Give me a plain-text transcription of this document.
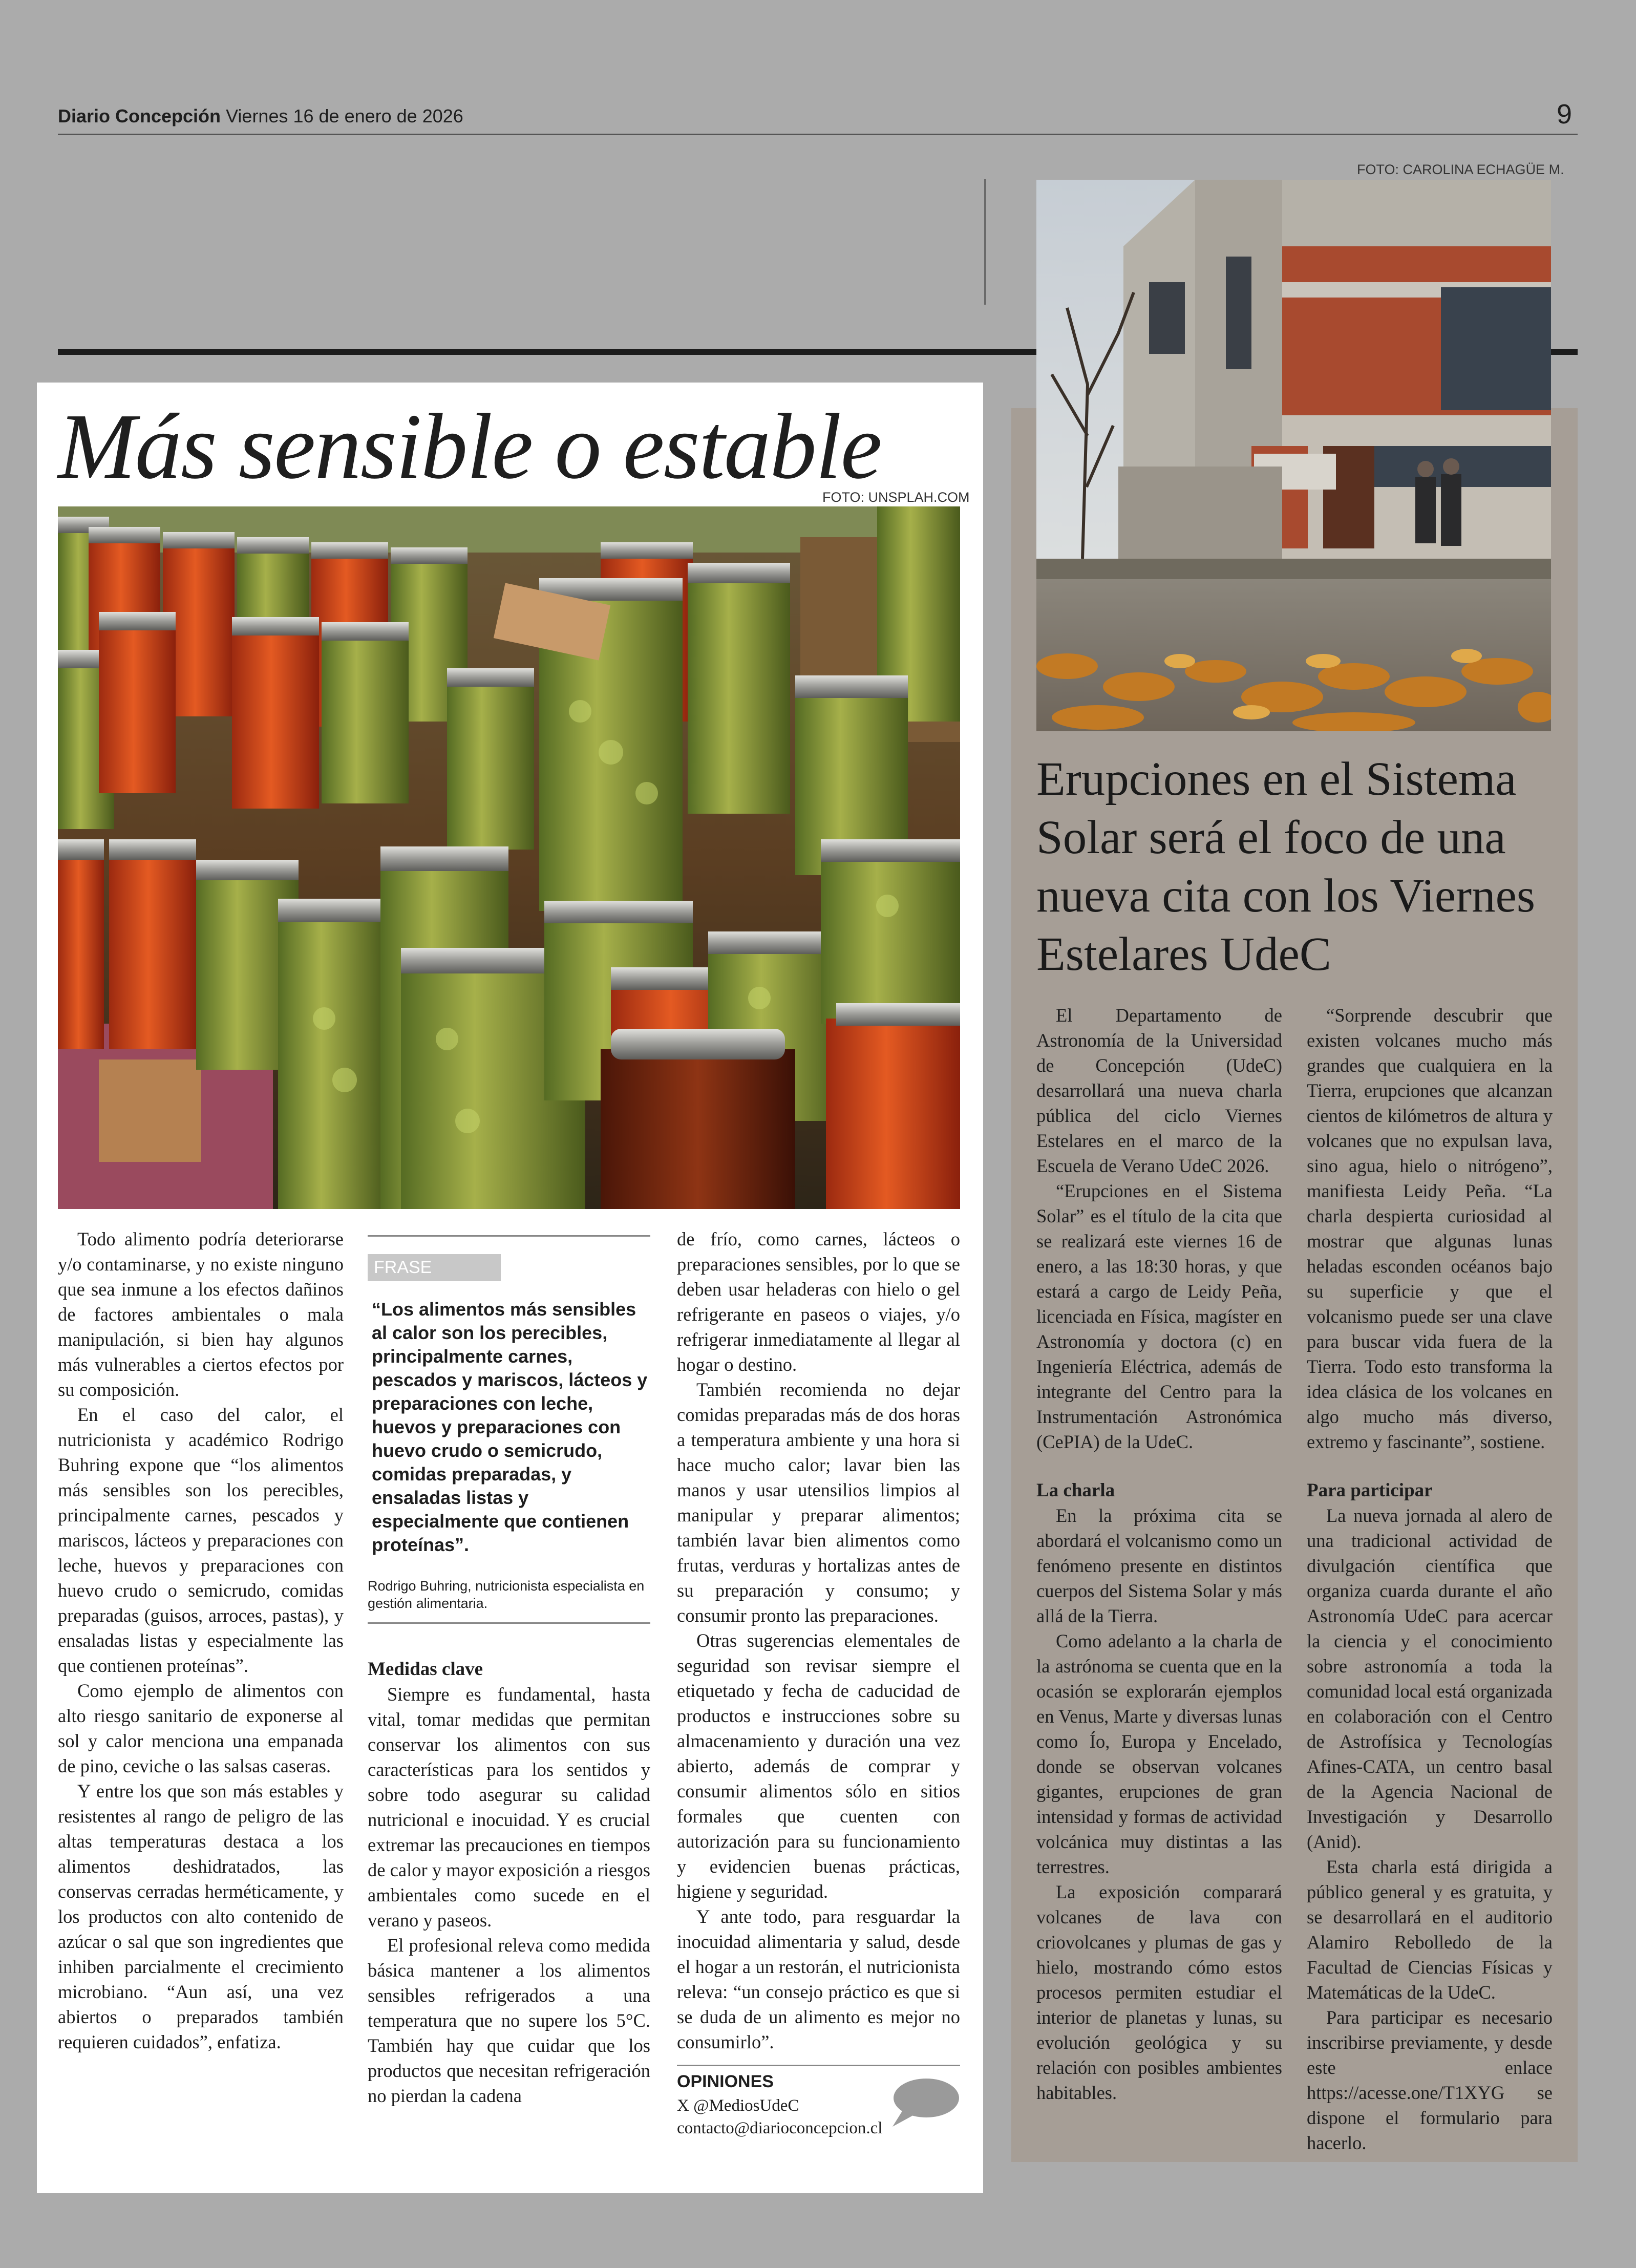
Diario Concepción Viernes 16 de enero de 2026	9
Más sensible o estable
FOTO: UNSPLAH.COM

Todo alimento podría deteriorarse y/o contaminarse, y no existe ninguno que sea inmune a los efectos dañinos de factores ambientales o mala manipulación, si bien hay algunos más vulnerables a ciertos efectos por su composición.

En el caso del calor, el nutricionista y académico Rodrigo Buhring expone que “los alimentos más sensibles son los perecibles, principalmente carnes, pescados y mariscos, lácteos y preparaciones con leche, huevos y preparaciones con huevo crudo o semicrudo, comidas preparadas (guisos, arroces, pastas), y ensaladas listas y especialmente las que contienen proteínas”.

Como ejemplo de alimentos con alto riesgo sanitario de exponerse al sol y calor menciona una empanada de pino, ceviche o las salsas caseras.

Y entre los que son más estables y resistentes al rango de peligro de las altas temperaturas destaca a los alimentos deshidratados, las conservas cerradas herméticamente, y los productos con alto contenido de azúcar o sal que son ingredientes que inhiben parcialmente el crecimiento microbiano. “Aun así, una vez abiertos o preparados también requieren cuidados”, enfatiza.

FRASE
“Los alimentos más sensibles al calor son los perecibles, principalmente carnes, pescados y mariscos, lácteos y preparaciones con leche, huevos y preparaciones con huevo crudo o semicrudo, comidas preparadas, y ensaladas listas y especialmente que contienen proteínas”.
Rodrigo Buhring, nutricionista especialista en gestión alimentaria.
Medidas clave

Siempre es fundamental, hasta vital, tomar medidas que permitan conservar los alimentos con sus características para los sentidos y sobre todo asegurar su calidad nutricional e inocuidad. Y es crucial extremar las precauciones en tiempos de calor y mayor exposición a riesgos ambientales como sucede en el verano y paseos.

El profesional releva como medida básica mantener a los alimentos sensibles refrigerados a una temperatura que no supere los 5°C. También hay que cuidar que los productos que necesitan refrigeración no pierdan la cadena

de frío, como carnes, lácteos o preparaciones sensibles, por lo que se deben usar heladeras con hielo o gel refrigerante en paseos o viajes, y/o refrigerar inmediatamente al llegar al hogar o destino.

También recomienda no dejar comidas preparadas más de dos horas a temperatura ambiente y una hora si hace mucho calor; lavar bien las manos y usar utensilios limpios al manipular y preparar alimentos; también lavar bien alimentos como frutas, verduras y hortalizas antes de su preparación y consumo; y consumir pronto las preparaciones.

Otras sugerencias elementales de seguridad son revisar siempre el etiquetado y fecha de caducidad de productos e instrucciones sobre su almacenamiento y duración una vez abierto, además de comprar y consumir alimentos sólo en sitios formales que cuenten con autorización para su funcionamiento y evidencien buenas prácticas, higiene y seguridad.

Y ante todo, para resguardar la inocuidad alimentaria y salud, desde el hogar a un restorán, el nutricionista releva: “un consejo práctico es que si se duda de un alimento es mejor no consumirlo”.

OPINIONES
X @MediosUdeC
contacto@diarioconcepcion.cl
FOTO: CAROLINA ECHAGÜE M.
Erupciones en el Sistema Solar será el foco de una nueva cita con los Viernes Estelares UdeC

El Departamento de Astronomía de la Universidad de Concepción (UdeC) desarrollará una nueva charla pública del ciclo Viernes Estelares en el marco de la Escuela de Verano UdeC 2026.

“Erupciones en el Sistema Solar” es el título de la cita que se realizará este viernes 16 de enero, a las 18:30 horas, y que estará a cargo de Leidy Peña, licenciada en Física, magíster en Astronomía y doctora (c) en Ingeniería Eléctrica, además de integrante del Centro para la Instrumentación Astronómica (CePIA) de la UdeC.

La charla

En la próxima cita se abordará el volcanismo como un fenómeno presente en distintos cuerpos del Sistema Solar y más allá de la Tierra.

Como adelanto a la charla de la astrónoma se cuenta que en la ocasión se explorarán ejemplos en Venus, Marte y diversas lunas como Ío, Europa y Encelado, donde se observan volcanes gigantes, erupciones de gran intensidad y formas de actividad volcánica muy distintas a las terrestres.

La exposición comparará volcanes de lava con criovolcanes y plumas de gas y hielo, mostrando cómo estos procesos permiten estudiar el interior de planetas y lunas, su evolución geológica y su relación con posibles ambientes habitables.

“Sorprende descubrir que existen volcanes mucho más grandes que cualquiera en la Tierra, erupciones que alcanzan cientos de kilómetros de altura y volcanes que no expulsan lava, sino agua, hielo o nitrógeno”, manifiesta Leidy Peña. “La charla despierta curiosidad al mostrar que algunas lunas heladas esconden océanos bajo su superficie y que el volcanismo puede ser una clave para buscar vida fuera de la Tierra. Todo esto transforma la idea clásica de los volcanes en algo mucho más diverso, extremo y fascinante”, sostiene.

Para participar

La nueva jornada al alero de una tradicional actividad de divulgación científica que organiza cuarda durante el año Astronomía UdeC para acercar la ciencia y el conocimiento sobre astronomía a toda la comunidad local está organizada en colaboración con el Centro de Astrofísica y Tecnologías Afines-CATA, un centro basal de la Agencia Nacional de Investigación y Desarrollo (Anid).

Esta charla está dirigida a público general y es gratuita, y se desarrollará en el auditorio Alamiro Rebolledo de la Facultad de Ciencias Físicas y Matemáticas de la UdeC.

Para participar es necesario inscribirse previamente, y desde este enlace https://acesse.one/T1XYG se dispone el formulario para hacerlo.
